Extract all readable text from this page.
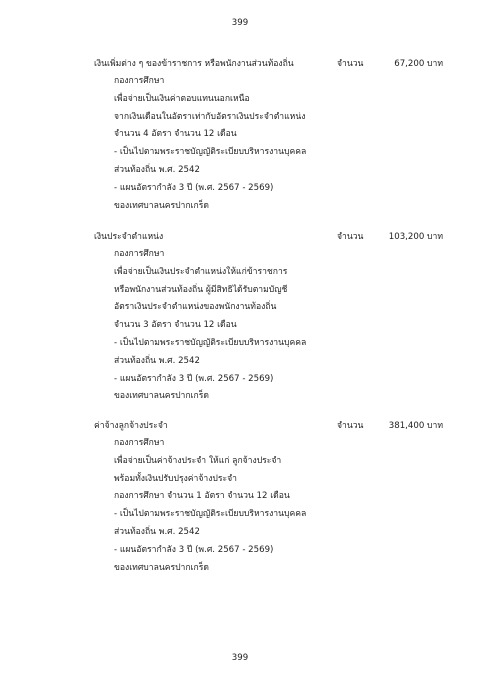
399
เงินเพิ่มต่าง ๆ ของข้าราชการ หรือพนักงานส่วนท้องถิ่น	จำนวน	67,200 บาท
กองการศึกษา
เพื่อจ่ายเป็นเงินค่าตอบแทนนอกเหนือ
จากเงินเดือนในอัตราเท่ากับอัตราเงินประจำตำแหน่ง
จำนวน 4 อัตรา จำนวน 12 เดือน
- เป็นไปตามพระราชบัญญัติระเบียบบริหารงานบุคคล
ส่วนท้องถิ่น พ.ศ. 2542
- แผนอัตรากำลัง 3 ปี (พ.ศ. 2567 - 2569)
ของเทศบาลนครปากเกร็ด
เงินประจำตำแหน่ง	จำนวน	103,200 บาท
กองการศึกษา
เพื่อจ่ายเป็นเงินประจำตำแหน่งให้แก่ข้าราชการ
หรือพนักงานส่วนท้องถิ่น ผู้มีสิทธิได้รับตามบัญชี
อัตราเงินประจำตำแหน่งของพนักงานท้องถิ่น
จำนวน 3 อัตรา จำนวน 12 เดือน
- เป็นไปตามพระราชบัญญัติระเบียบบริหารงานบุคคล
ส่วนท้องถิ่น พ.ศ. 2542
- แผนอัตรากำลัง 3 ปี (พ.ศ. 2567 - 2569)
ของเทศบาลนครปากเกร็ด
ค่าจ้างลูกจ้างประจำ	จำนวน	381,400 บาท
กองการศึกษา
เพื่อจ่ายเป็นค่าจ้างประจำ ให้แก่ ลูกจ้างประจำ
พร้อมทั้งเงินปรับปรุงค่าจ้างประจำ
กองการศึกษา จำนวน 1 อัตรา จำนวน 12 เดือน
- เป็นไปตามพระราชบัญญัติระเบียบบริหารงานบุคคล
ส่วนท้องถิ่น พ.ศ. 2542
- แผนอัตรากำลัง 3 ปี (พ.ศ. 2567 - 2569)
ของเทศบาลนครปากเกร็ด
399
